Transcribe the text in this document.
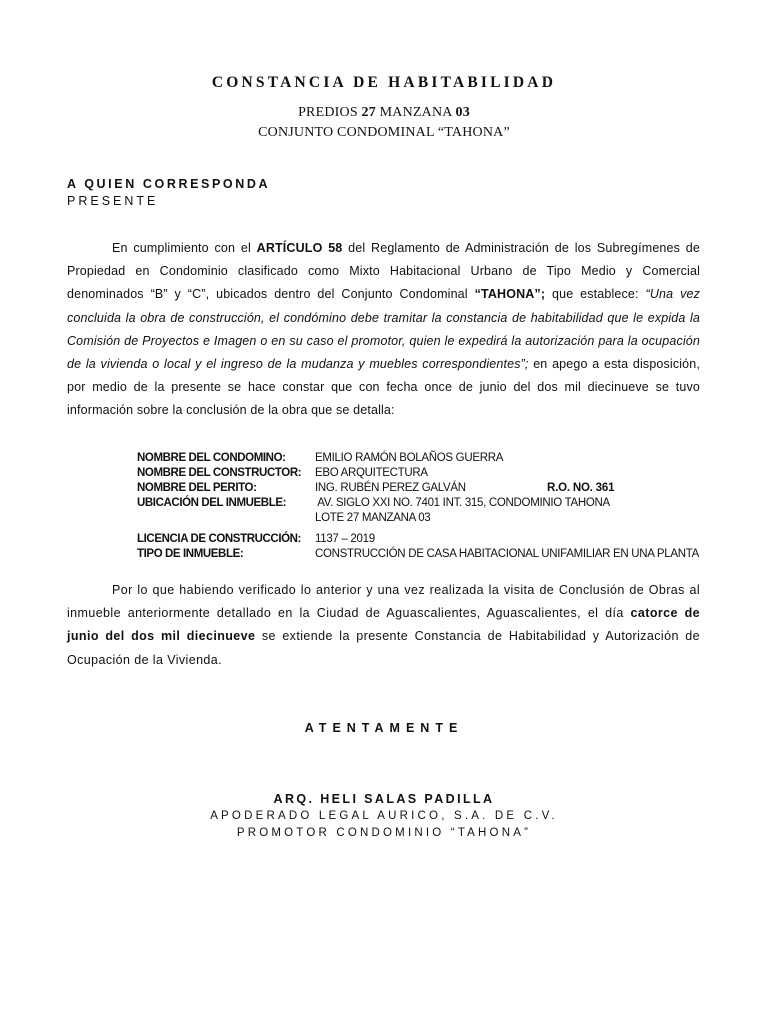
CONSTANCIA DE HABITABILIDAD
PREDIOS 27 MANZANA 03
CONJUNTO CONDOMINAL “TAHONA”
A QUIEN CORRESPONDA
PRESENTE
En cumplimiento con el ARTÍCULO 58 del Reglamento de Administración de los Subregímenes de Propiedad en Condominio clasificado como Mixto Habitacional Urbano de Tipo Medio y Comercial denominados “B” y “C”, ubicados dentro del Conjunto Condominal “TAHONA”; que establece: “Una vez concluida la obra de construcción, el condómino debe tramitar la constancia de habitabilidad que le expida la Comisión de Proyectos e Imagen o en su caso el promotor, quien le expedirá la autorización para la ocupación de la vivienda o local y el ingreso de la mudanza y muebles correspondientes”; en apego a esta disposición, por medio de la presente se hace constar que con fecha once de junio del dos mil diecinueve se tuvo información sobre la conclusión de la obra que se detalla:
NOMBRE DEL CONDOMINO:	EMILIO RAMÓN BOLAÑOS GUERRA
NOMBRE DEL CONSTRUCTOR:	EBO ARQUITECTURA
NOMBRE DEL PERITO:	ING. RUBÉN PEREZ GALVÁN	R.O. NO. 361
UBICACIÓN DEL INMUEBLE:	AV. SIGLO XXI NO. 7401 INT. 315, CONDOMINIO TAHONA
LOTE 27 MANZANA 03
LICENCIA DE CONSTRUCCIÓN:	1137 – 2019
TIPO DE INMUEBLE:	CONSTRUCCIÓN DE CASA HABITACIONAL UNIFAMILIAR EN UNA PLANTA
Por lo que habiendo verificado lo anterior y una vez realizada la visita de Conclusión de Obras al inmueble anteriormente detallado en la Ciudad de Aguascalientes, Aguascalientes, el día catorce de junio del dos mil diecinueve se extiende la presente Constancia de Habitabilidad y Autorización de Ocupación de la Vivienda.
ATENTAMENTE
ARQ. HELI SALAS PADILLA
APODERADO LEGAL AURICO, S.A. DE C.V.
PROMOTOR CONDOMINIO “TAHONA”
